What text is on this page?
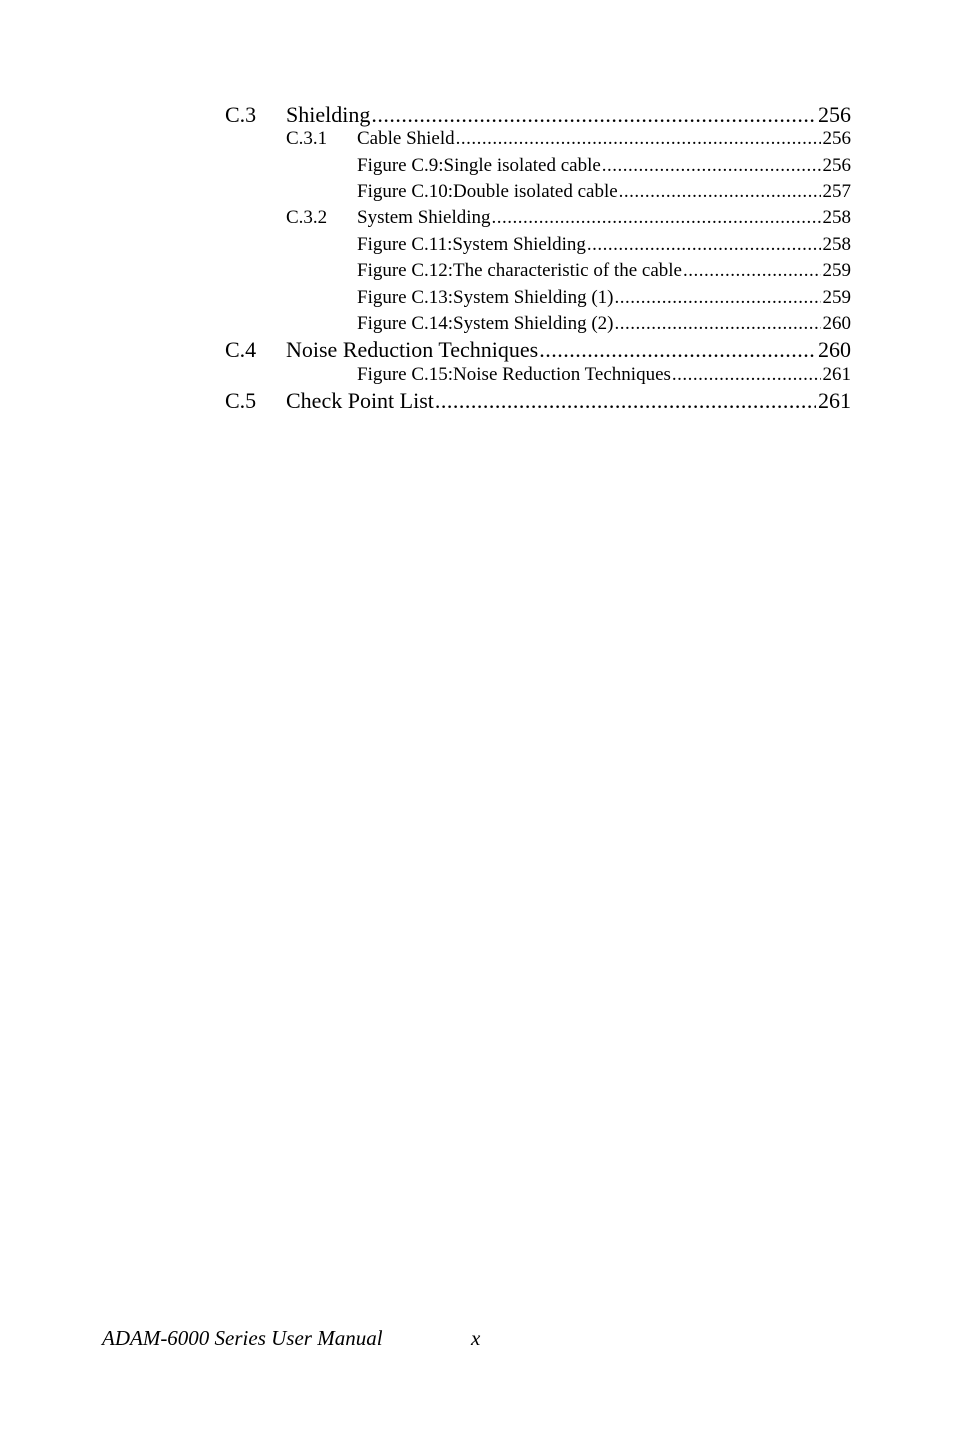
C.3	Shielding .....	256
C.3.1	Cable Shield .....	256
Figure C.9:Single isolated cable .....	256
Figure C.10:Double isolated cable .....	257
C.3.2	System Shielding .....	258
Figure C.11:System Shielding .....	258
Figure C.12:The characteristic of the cable .....	259
Figure C.13:System Shielding (1) .....	259
Figure C.14:System Shielding (2) .....	260
C.4	Noise Reduction Techniques .....	260
Figure C.15:Noise Reduction Techniques .....	261
C.5	Check Point List .....	261
ADAM-6000 Series User Manual	x
